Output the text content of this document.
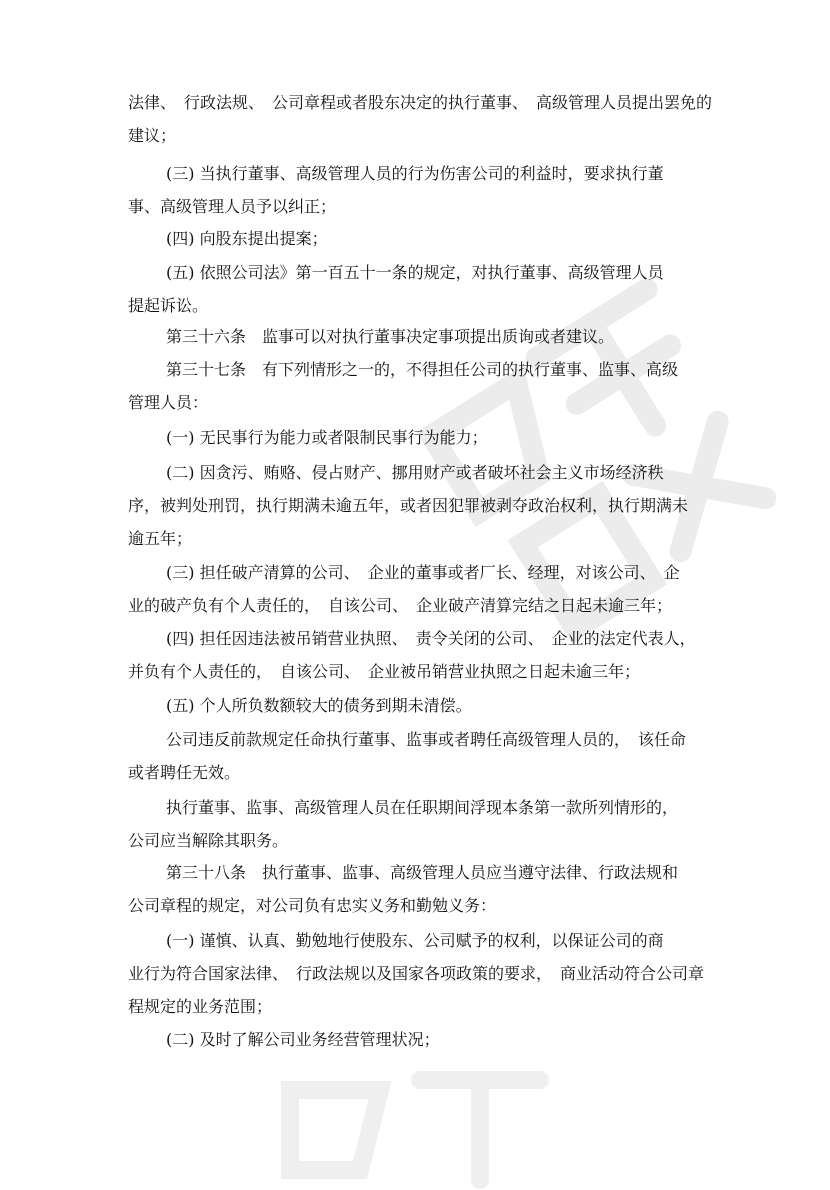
法律、　行政法规、　公司章程或者股东决定的执行董事、　高级管理人员提出罢免的
建议；
(三) 当执行董事、高级管理人员的行为伤害公司的利益时，要求执行董
事、高级管理人员予以纠正；
(四) 向股东提出提案；
(五) 依照公司法》第一百五十一条的规定，对执行董事、高级管理人员
提起诉讼。
第三十六条　监事可以对执行董事决定事项提出质询或者建议。
第三十七条　有下列情形之一的，不得担任公司的执行董事、监事、高级
管理人员：
(一) 无民事行为能力或者限制民事行为能力；
(二) 因贪污、贿赂、侵占财产、挪用财产或者破坏社会主义市场经济秩
序，被判处刑罚，执行期满未逾五年，或者因犯罪被剥夺政治权利，执行期满未
逾五年；
(三) 担任破产清算的公司、　企业的董事或者厂长、经理，对该公司、　企
业的破产负有个人责任的，　自该公司、　企业破产清算完结之日起未逾三年；
(四) 担任因违法被吊销营业执照、　责令关闭的公司、　企业的法定代表人，
并负有个人责任的，　自该公司、　企业被吊销营业执照之日起未逾三年；
(五) 个人所负数额较大的债务到期未清偿。
公司违反前款规定任命执行董事、监事或者聘任高级管理人员的，　该任命
或者聘任无效。
执行董事、监事、高级管理人员在任职期间浮现本条第一款所列情形的，
公司应当解除其职务。
第三十八条　执行董事、监事、高级管理人员应当遵守法律、行政法规和
公司章程的规定，对公司负有忠实义务和勤勉义务：
(一) 谨慎、认真、勤勉地行使股东、公司赋予的权利，以保证公司的商
业行为符合国家法律、　行政法规以及国家各项政策的要求，　商业活动符合公司章
程规定的业务范围；
(二) 及时了解公司业务经营管理状况；
